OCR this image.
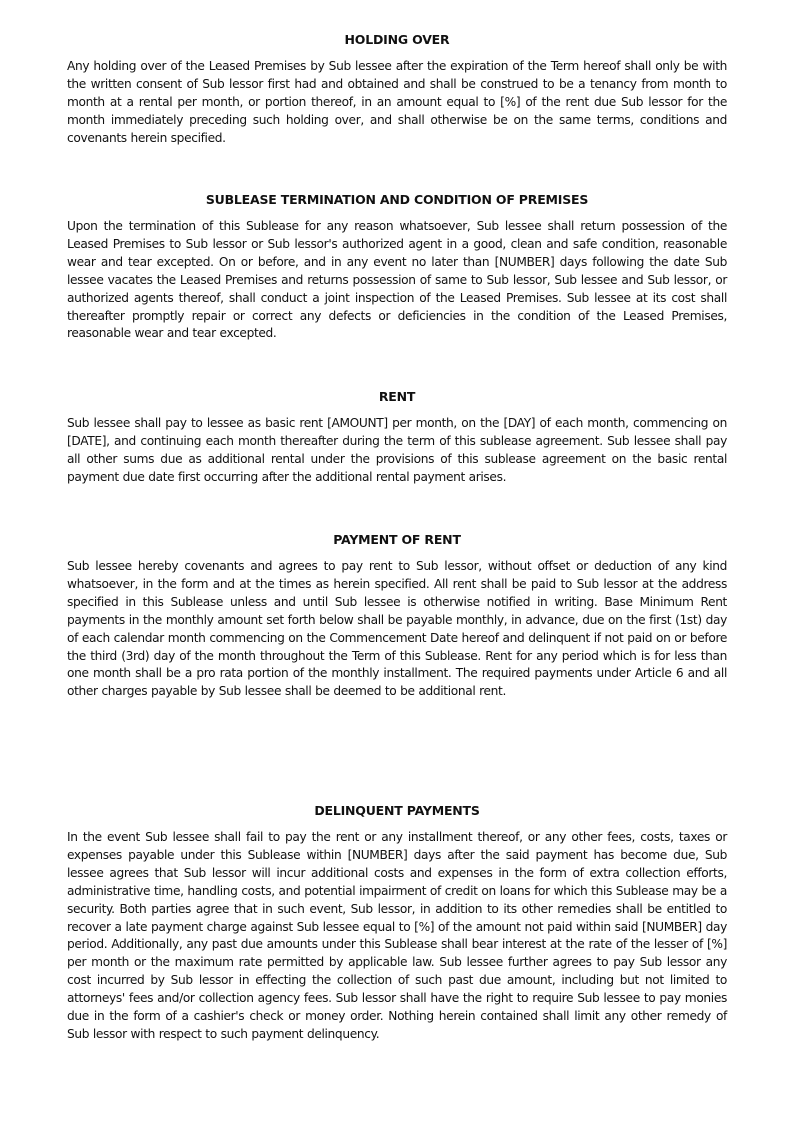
HOLDING OVER

Any holding over of the Leased Premises by Sub lessee after the expiration of the Term hereof shall only be with the written consent of Sub lessor first had and obtained and shall be construed to be a tenancy from month to month at a rental per month, or portion thereof, in an amount equal to [%] of the rent due Sub lessor for the month immediately preceding such holding over, and shall otherwise be on the same terms, conditions and covenants herein specified.

SUBLEASE TERMINATION AND CONDITION OF PREMISES

Upon the termination of this Sublease for any reason whatsoever, Sub lessee shall return possession of the Leased Premises to Sub lessor or Sub lessor's authorized agent in a good, clean and safe condition, reasonable wear and tear excepted. On or before, and in any event no later than [NUMBER] days following the date Sub lessee vacates the Leased Premises and returns possession of same to Sub lessor, Sub lessee and Sub lessor, or authorized agents thereof, shall conduct a joint inspection of the Leased Premises. Sub lessee at its cost shall thereafter promptly repair or correct any defects or deficiencies in the condition of the Leased Premises, reasonable wear and tear excepted.

RENT

Sub lessee shall pay to lessee as basic rent [AMOUNT] per month, on the [DAY] of each month, commencing on [DATE], and continuing each month thereafter during the term of this sublease agreement. Sub lessee shall pay all other sums due as additional rental under the provisions of this sublease agreement on the basic rental payment due date first occurring after the additional rental payment arises.

PAYMENT OF RENT

Sub lessee hereby covenants and agrees to pay rent to Sub lessor, without offset or deduction of any kind whatsoever, in the form and at the times as herein specified. All rent shall be paid to Sub lessor at the address specified in this Sublease unless and until Sub lessee is otherwise notified in writing. Base Minimum Rent payments in the monthly amount set forth below shall be payable monthly, in advance, due on the first (1st) day of each calendar month commencing on the Commencement Date hereof and delinquent if not paid on or before the third (3rd) day of the month throughout the Term of this Sublease. Rent for any period which is for less than one month shall be a pro rata portion of the monthly installment. The required payments under Article 6 and all other charges payable by Sub lessee shall be deemed to be additional rent.

DELINQUENT PAYMENTS

In the event Sub lessee shall fail to pay the rent or any installment thereof, or any other fees, costs, taxes or expenses payable under this Sublease within [NUMBER] days after the said payment has become due, Sub lessee agrees that Sub lessor will incur additional costs and expenses in the form of extra collection efforts, administrative time, handling costs, and potential impairment of credit on loans for which this Sublease may be a security. Both parties agree that in such event, Sub lessor, in addition to its other remedies shall be entitled to recover a late payment charge against Sub lessee equal to [%] of the amount not paid within said [NUMBER] day period. Additionally, any past due amounts under this Sublease shall bear interest at the rate of the lesser of [%] per month or the maximum rate permitted by applicable law. Sub lessee further agrees to pay Sub lessor any cost incurred by Sub lessor in effecting the collection of such past due amount, including but not limited to attorneys' fees and/or collection agency fees. Sub lessor shall have the right to require Sub lessee to pay monies due in the form of a cashier's check or money order. Nothing herein contained shall limit any other remedy of Sub lessor with respect to such payment delinquency.
